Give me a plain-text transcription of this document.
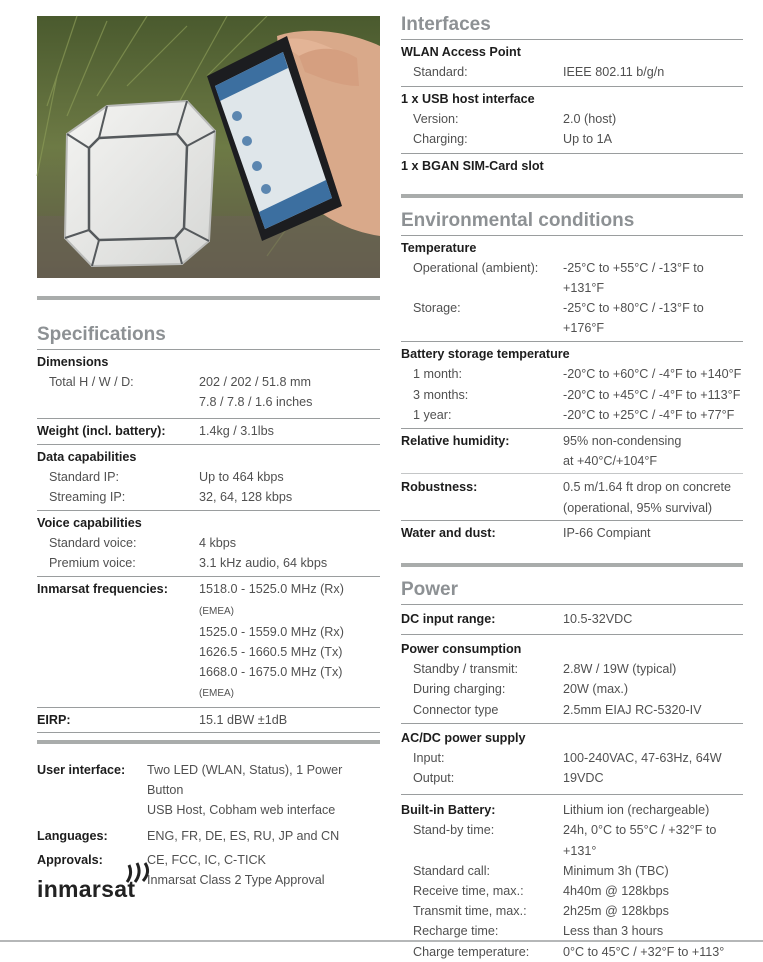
Specifications
Dimensions
Total H / W / D:	202 / 202 / 51.8 mm
7.8 / 7.8 / 1.6 inches
Weight (incl. battery):	1.4kg / 3.1lbs
Data capabilities
Standard IP:	Up to 464 kbps
Streaming IP:	32, 64, 128 kbps
Voice capabilities
Standard voice:	4 kbps
Premium voice:	3.1 kHz audio, 64 kbps
Inmarsat frequencies:	1518.0 - 1525.0 MHz (Rx) (EMEA)
1525.0 - 1559.0 MHz (Rx)
1626.5 - 1660.5 MHz (Tx)
1668.0 - 1675.0 MHz (Tx) (EMEA)
EIRP:	15.1 dBW ±1dB
User interface:	Two LED (WLAN, Status), 1 Power Button
USB Host, Cobham web interface
Languages:	ENG, FR, DE, ES, RU, JP and CN
Approvals:	CE, FCC, IC, C-TICK
Inmarsat Class 2 Type Approval
inmarsat
Interfaces
WLAN Access Point
Standard:	IEEE 802.11 b/g/n
1 x USB host interface
Version:	2.0 (host)
Charging:	Up to 1A
1 x BGAN SIM-Card slot
Environmental conditions
Temperature
Operational (ambient):	-25°C to +55°C / -13°F to +131°F
Storage:	-25°C to +80°C / -13°F to +176°F
Battery storage temperature
1 month:	-20°C to +60°C / -4°F to +140°F
3 months:	-20°C to +45°C / -4°F to +113°F
1 year:	-20°C to +25°C / -4°F to +77°F
Relative humidity:	95% non-condensing
at +40°C/+104°F
Robustness:	0.5 m/1.64 ft drop on concrete
(operational, 95% survival)
Water and dust:	IP-66 Compiant
Power
DC input range:	10.5-32VDC
Power consumption
Standby / transmit:	2.8W / 19W (typical)
During charging:	20W (max.)
Connector type	2.5mm EIAJ RC-5320-IV
AC/DC power supply
Input:	100-240VAC, 47-63Hz, 64W
Output:	19VDC
Built-in Battery:	Lithium ion (rechargeable)
Stand-by time:	24h, 0°C to 55°C / +32°F to +131°
Standard call:	Minimum 3h (TBC)
Receive time, max.:	4h40m @ 128kbps
Transmit time, max.:	2h25m @ 128kbps
Recharge time:	Less than 3 hours
Charge temperature:	0°C to 45°C / +32°F to +113°
